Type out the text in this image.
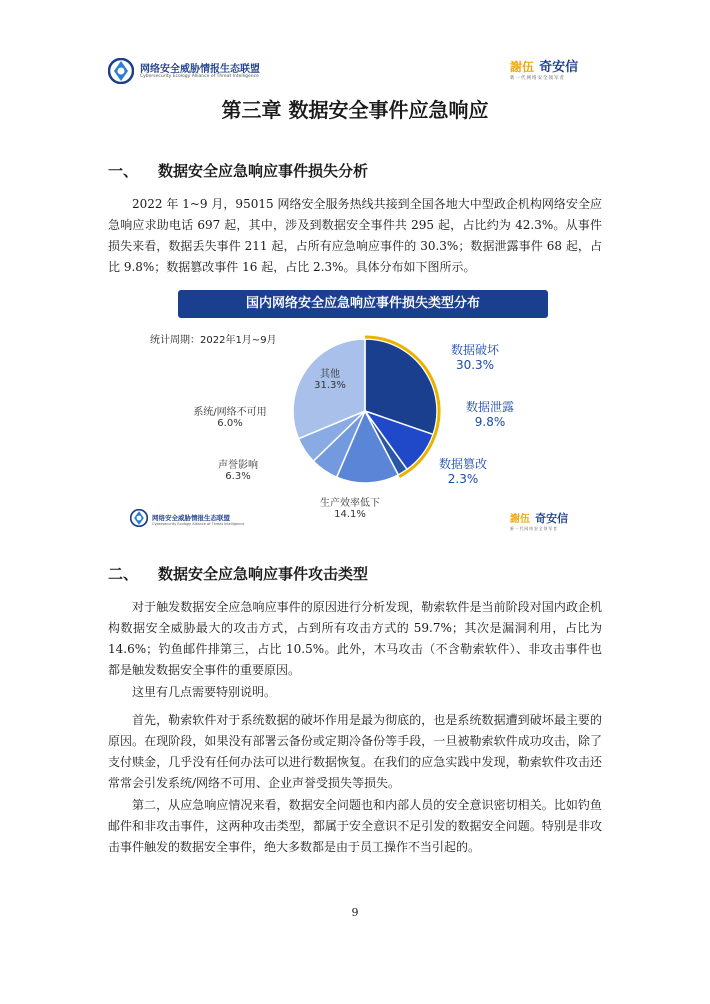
网络安全威胁情报生态联盟
Cybersecurity Ecology Alliance of Threat Intelligence
謝伍 奇安信
新一代网络安全领军者
第三章 数据安全事件应急响应
一、 数据安全应急响应事件损失分析
2022 年 1~9 月，95015 网络安全服务热线共接到全国各地大中型政企机构网络安全应急响应求助电话 697 起，其中，涉及到数据安全事件共 295 起，占比约为 42.3%。从事件损失来看，数据丢失事件 211 起，占所有应急响应事件的 30.3%；数据泄露事件 68 起，占比 9.8%；数据篡改事件 16 起，占比 2.3%。具体分布如下图所示。
国内网络安全应急响应事件损失类型分布
统计周期：2022年1月~9月
数据破坏
30.3%
数据泄露
9.8%
数据篡改
2.3%
生产效率低下
14.1%
声誉影响
6.3%
系统/网络不可用
6.0%
其他
31.3%
网络安全威胁情报生态联盟
Cybersecurity Ecology Alliance of Threat Intelligence	謝伍 奇安信
新一代网络安全领军者
二、 数据安全应急响应事件攻击类型
对于触发数据安全应急响应事件的原因进行分析发现，勒索软件是当前阶段对国内政企机构数据安全威胁最大的攻击方式，占到所有攻击方式的 59.7%；其次是漏洞利用，占比为 14.6%；钓鱼邮件排第三，占比 10.5%。此外，木马攻击（不含勒索软件）、非攻击事件也都是触发数据安全事件的重要原因。
这里有几点需要特别说明。
首先，勒索软件对于系统数据的破坏作用是最为彻底的，也是系统数据遭到破坏最主要的原因。在现阶段，如果没有部署云备份或定期冷备份等手段，一旦被勒索软件成功攻击，除了支付赎金，几乎没有任何办法可以进行数据恢复。在我们的应急实践中发现，勒索软件攻击还常常会引发系统/网络不可用、企业声誉受损失等损失。
第二，从应急响应情况来看，数据安全问题也和内部人员的安全意识密切相关。比如钓鱼邮件和非攻击事件，这两种攻击类型，都属于安全意识不足引发的数据安全问题。特别是非攻击事件触发的数据安全事件，绝大多数都是由于员工操作不当引起的。
9
